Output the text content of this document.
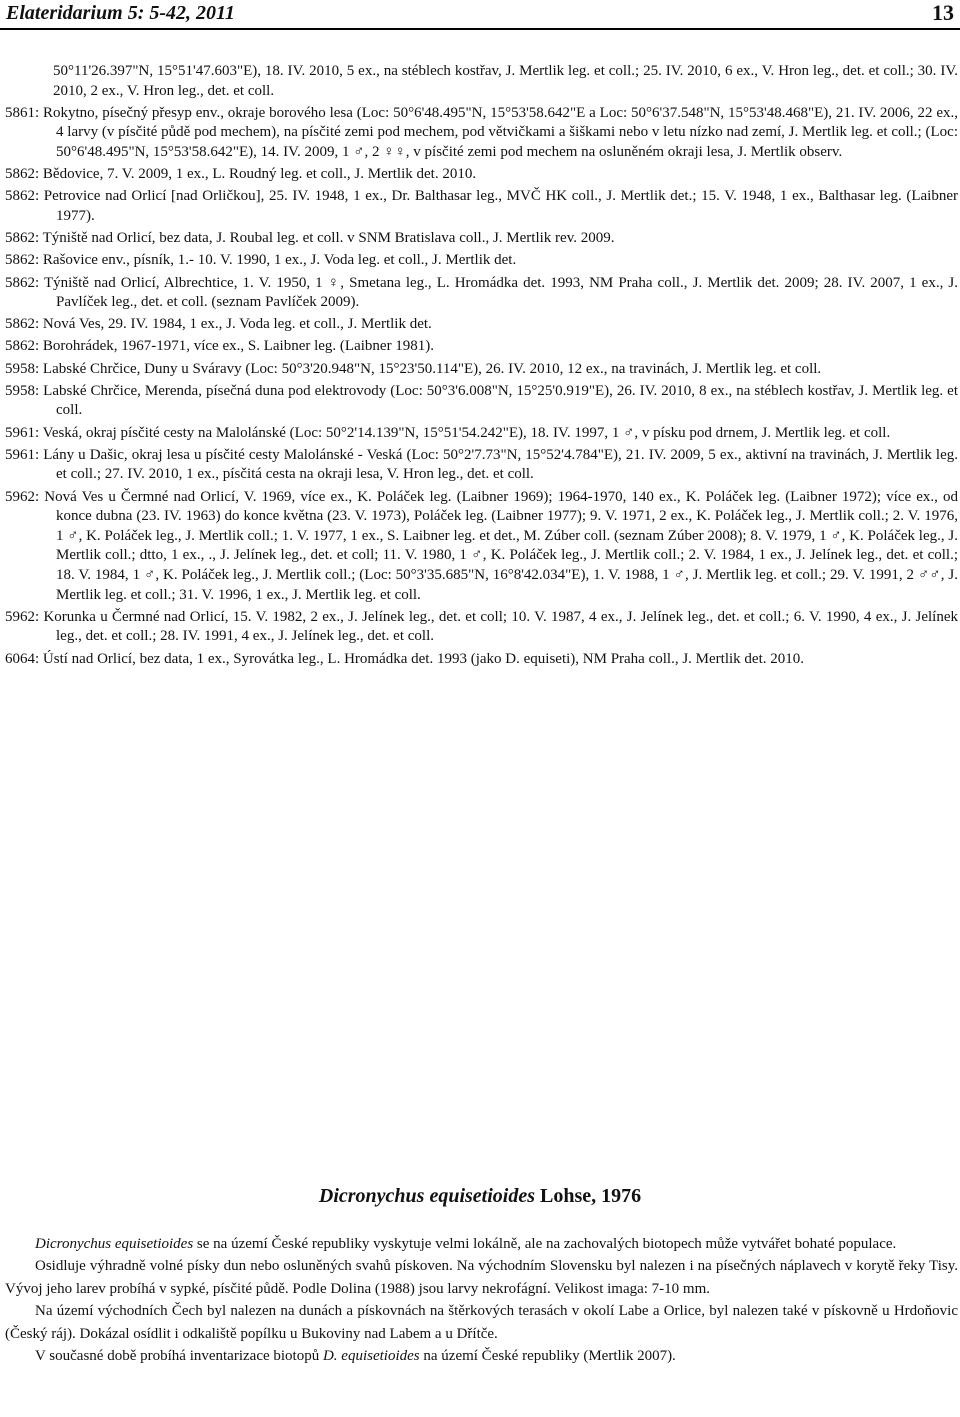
Elateridarium 5: 5-42, 2011	13

50°11'26.397"N, 15°51'47.603"E), 18. IV. 2010, 5 ex., na stéblech kostřav, J. Mertlik leg. et coll.; 25. IV. 2010, 6 ex., V. Hron leg., det. et coll.; 30. IV. 2010, 2 ex., V. Hron leg., det. et coll.

5861: Rokytno, písečný přesyp env., okraje borového lesa (Loc: 50°6'48.495"N, 15°53'58.642"E a Loc: 50°6'37.548"N, 15°53'48.468"E), 21. IV. 2006, 22 ex., 4 larvy (v písčité půdě pod mechem), na písčité zemi pod mechem, pod větvičkami a šiškami nebo v letu nízko nad zemí, J. Mertlik leg. et coll.; (Loc: 50°6'48.495"N, 15°53'58.642"E), 14. IV. 2009, 1 ♂, 2 ♀♀, v písčité zemi pod mechem na osluněném okraji lesa, J. Mertlik observ.

5862: Bědovice, 7. V. 2009, 1 ex., L. Roudný leg. et coll., J. Mertlik det. 2010.

5862: Petrovice nad Orlicí [nad Orličkou], 25. IV. 1948, 1 ex., Dr. Balthasar leg., MVČ HK coll., J. Mertlik det.; 15. V. 1948, 1 ex., Balthasar leg. (Laibner 1977).

5862: Týniště nad Orlicí, bez data, J. Roubal leg. et coll. v SNM Bratislava coll., J. Mertlik rev. 2009.

5862: Rašovice env., písník, 1.- 10. V. 1990, 1 ex., J. Voda leg. et coll., J. Mertlik det.

5862: Týniště nad Orlicí, Albrechtice, 1. V. 1950, 1 ♀, Smetana leg., L. Hromádka det. 1993, NM Praha coll., J. Mertlik det. 2009; 28. IV. 2007, 1 ex., J. Pavlíček leg., det. et coll. (seznam Pavlíček 2009).

5862: Nová Ves, 29. IV. 1984, 1 ex., J. Voda leg. et coll., J. Mertlik det.

5862: Borohrádek, 1967-1971, více ex., S. Laibner leg. (Laibner 1981).

5958: Labské Chrčice, Duny u Sváravy (Loc: 50°3'20.948"N, 15°23'50.114"E), 26. IV. 2010, 12 ex., na travinách, J. Mertlik leg. et coll.

5958: Labské Chrčice, Merenda, písečná duna pod elektrovody (Loc: 50°3'6.008"N, 15°25'0.919"E), 26. IV. 2010, 8 ex., na stéblech kostřav, J. Mertlik leg. et coll.

5961: Veská, okraj písčité cesty na Malolánské (Loc: 50°2'14.139"N, 15°51'54.242"E), 18. IV. 1997, 1 ♂, v písku pod drnem, J. Mertlik leg. et coll.

5961: Lány u Dašic, okraj lesa u písčité cesty Malolánské - Veská (Loc: 50°2'7.73"N, 15°52'4.784"E), 21. IV. 2009, 5 ex., aktivní na travinách, J. Mertlik leg. et coll.; 27. IV. 2010, 1 ex., písčitá cesta na okraji lesa, V. Hron leg., det. et coll.

5962: Nová Ves u Čermné nad Orlicí, V. 1969, více ex., K. Poláček leg. (Laibner 1969); 1964-1970, 140 ex., K. Poláček leg. (Laibner 1972); více ex., od konce dubna (23. IV. 1963) do konce května (23. V. 1973), Poláček leg. (Laibner 1977); 9. V. 1971, 2 ex., K. Poláček leg., J. Mertlik coll.; 2. V. 1976, 1 ♂, K. Poláček leg., J. Mertlik coll.; 1. V. 1977, 1 ex., S. Laibner leg. et det., M. Zúber coll. (seznam Zúber 2008); 8. V. 1979, 1 ♂, K. Poláček leg., J. Mertlik coll.; dtto, 1 ex., ., J. Jelínek leg., det. et coll; 11. V. 1980, 1 ♂, K. Poláček leg., J. Mertlik coll.; 2. V. 1984, 1 ex., J. Jelínek leg., det. et coll.; 18. V. 1984, 1 ♂, K. Poláček leg., J. Mertlik coll.; (Loc: 50°3'35.685"N, 16°8'42.034"E), 1. V. 1988, 1 ♂, J. Mertlik leg. et coll.; 29. V. 1991, 2 ♂♂, J. Mertlik leg. et coll.; 31. V. 1996, 1 ex., J. Mertlik leg. et coll.

5962: Korunka u Čermné nad Orlicí, 15. V. 1982, 2 ex., J. Jelínek leg., det. et coll; 10. V. 1987, 4 ex., J. Jelínek leg., det. et coll.; 6. V. 1990, 4 ex., J. Jelínek leg., det. et coll.; 28. IV. 1991, 4 ex., J. Jelínek leg., det. et coll.

6064: Ústí nad Orlicí, bez data, 1 ex., Syrovátka leg., L. Hromádka det. 1993 (jako D. equiseti), NM Praha coll., J. Mertlik det. 2010.

Dicronychus equisetioides Lohse, 1976

Dicronychus equisetioides se na území České republiky vyskytuje velmi lokálně, ale na zachovalých biotopech může vytvářet bohaté populace.

Osidluje výhradně volné písky dun nebo osluněných svahů pískoven. Na východním Slovensku byl nalezen i na písečných náplavech v korytě řeky Tisy. Vývoj jeho larev probíhá v sypké, písčité půdě. Podle Dolina (1988) jsou larvy nekrofágní. Velikost imaga: 7-10 mm.

Na území východních Čech byl nalezen na dunách a pískovnách na štěrkových terasách v okolí Labe a Orlice, byl nalezen také v pískovně u Hrdoňovic (Český ráj). Dokázal osídlit i odkaliště popílku u Bukoviny nad Labem a u Dřítče.

V současné době probíhá inventarizace biotopů D. equisetioides na území České republiky (Mertlik 2007).
